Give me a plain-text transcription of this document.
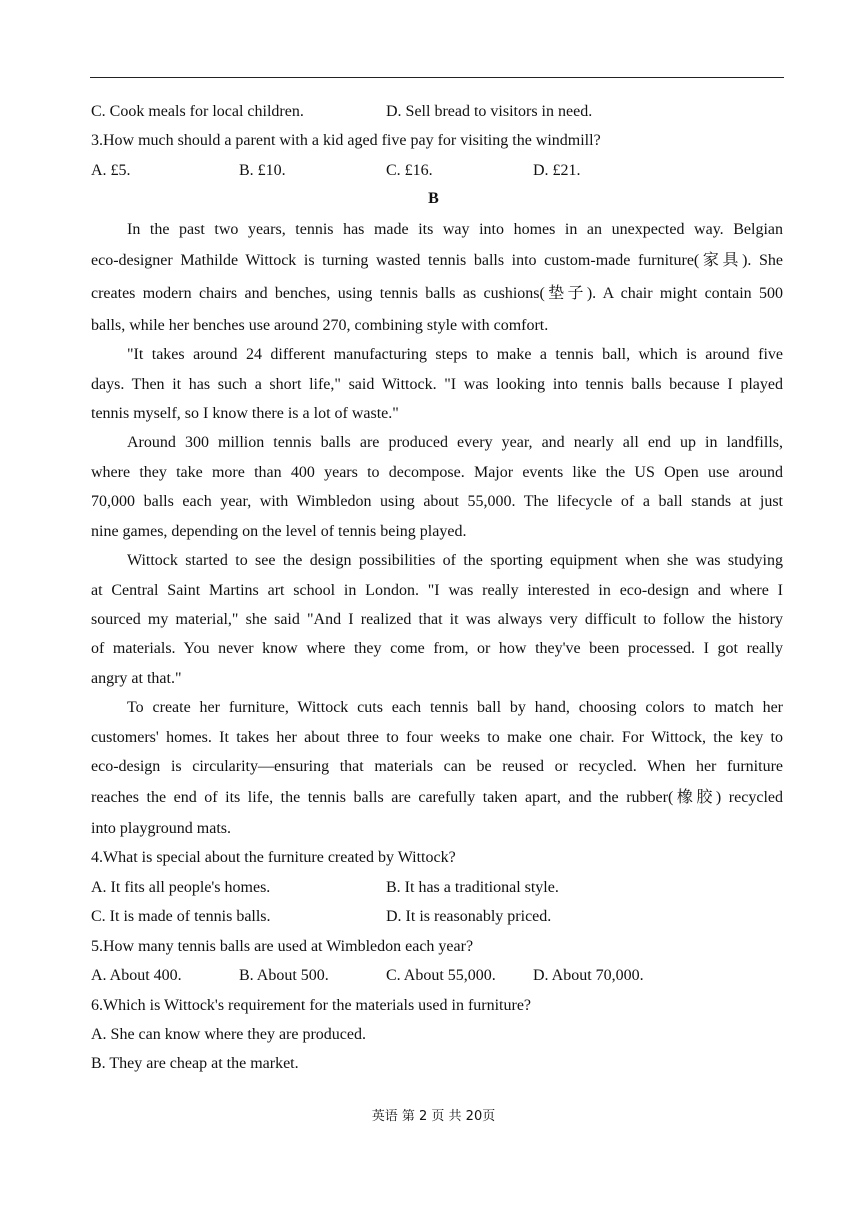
C. Cook meals for local children.	D. Sell bread to visitors in need.
3.How much should a parent with a kid aged five pay for visiting the windmill?
A. £5.	B. £10.	C. £16.	D. £21.
B
In the past two years, tennis has made its way into homes in an unexpected way. Belgian
eco-designer Mathilde Wittock is turning wasted tennis balls into custom-made furniture(家具). She
creates modern chairs and benches, using tennis balls as cushions(垫子). A chair might contain 500
balls, while her benches use around 270, combining style with comfort.
"It takes around 24 different manufacturing steps to make a tennis ball, which is around five
days. Then it has such a short life," said Wittock. "I was looking into tennis balls because I played
tennis myself, so I know there is a lot of waste."
Around 300 million tennis balls are produced every year, and nearly all end up in landfills,
where they take more than 400 years to decompose. Major events like the US Open use around
70,000 balls each year, with Wimbledon using about 55,000. The lifecycle of a ball stands at just
nine games, depending on the level of tennis being played.
Wittock started to see the design possibilities of the sporting equipment when she was studying
at Central Saint Martins art school in London. "I was really interested in eco-design and where I
sourced my material," she said "And I realized that it was always very difficult to follow the history
of materials. You never know where they come from, or how they've been processed. I got really
angry at that."
To create her furniture, Wittock cuts each tennis ball by hand, choosing colors to match her
customers' homes. It takes her about three to four weeks to make one chair. For Wittock, the key to
eco-design is circularity—ensuring that materials can be reused or recycled. When her furniture
reaches the end of its life, the tennis balls are carefully taken apart, and the rubber(橡胶) recycled
into playground mats.
4.What is special about the furniture created by Wittock?
A. It fits all people's homes.	B. It has a traditional style.
C. It is made of tennis balls.	D. It is reasonably priced.
5.How many tennis balls are used at Wimbledon each year?
A. About 400.	B. About 500.	C. About 55,000. D. About 70,000.
6.Which is Wittock's requirement for the materials used in furniture?
A. She can know where they are produced.
B. They are cheap at the market.
英语 第 2 页 共 20页
